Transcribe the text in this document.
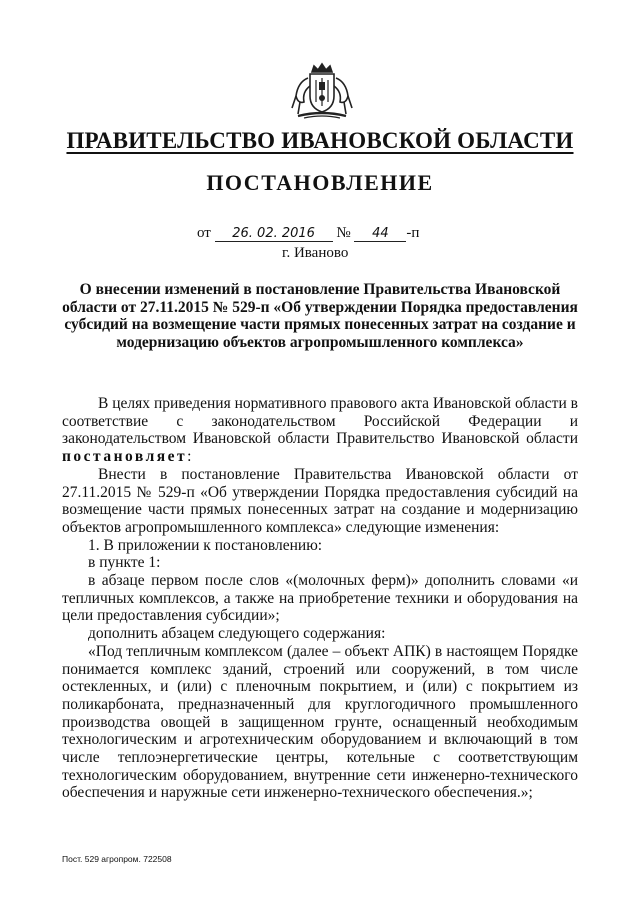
ПРАВИТЕЛЬСТВО ИВАНОВСКОЙ ОБЛАСТИ
ПОСТАНОВЛЕНИЕ
от 26. 02. 2016 № 44 -п
г. Иваново
О внесении изменений в постановление Правительства Ивановской области от 27.11.2015 № 529-п «Об утверждении Порядка предоставления субсидий на возмещение части прямых понесенных затрат на создание и модернизацию объектов агропромышленного комплекса»

В целях приведения нормативного правового акта Ивановской области в соответствие с законодательством Российской Федерации и законодательством Ивановской области Правительство Ивановской области постановляет:

Внести в постановление Правительства Ивановской области от 27.11.2015 № 529-п «Об утверждении Порядка предоставления субсидий на возмещение части прямых понесенных затрат на создание и модернизацию объектов агропромышленного комплекса» следующие изменения:

1. В приложении к постановлению:

в пункте 1:

в абзаце первом после слов «(молочных ферм)» дополнить словами «и тепличных комплексов, а также на приобретение техники и оборудования на цели предоставления субсидии»;

дополнить абзацем следующего содержания:

«Под тепличным комплексом (далее – объект АПК) в настоящем Порядке понимается комплекс зданий, строений или сооружений, в том числе остекленных, и (или) с пленочным покрытием, и (или) с покрытием из поликарбоната, предназначенный для круглогодичного промышленного производства овощей в защищенном грунте, оснащенный необходимым технологическим и агротехническим оборудованием и включающий в том числе теплоэнергетические центры, котельные с соответствующим технологическим оборудованием, внутренние сети инженерно-технического обеспечения и наружные сети инженерно-технического обеспечения.»;

Пост. 529 агропром. 722508
